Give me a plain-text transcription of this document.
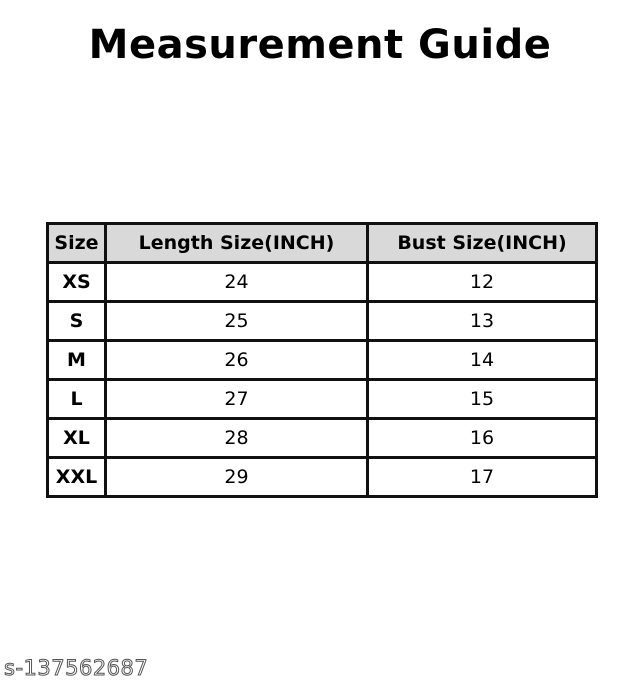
Measurement Guide
Size	Length Size(INCH)	Bust Size(INCH)
XS	24	12
S	25	13
M	26	14
L	27	15
XL	28	16
XXL	29	17
s-137562687
